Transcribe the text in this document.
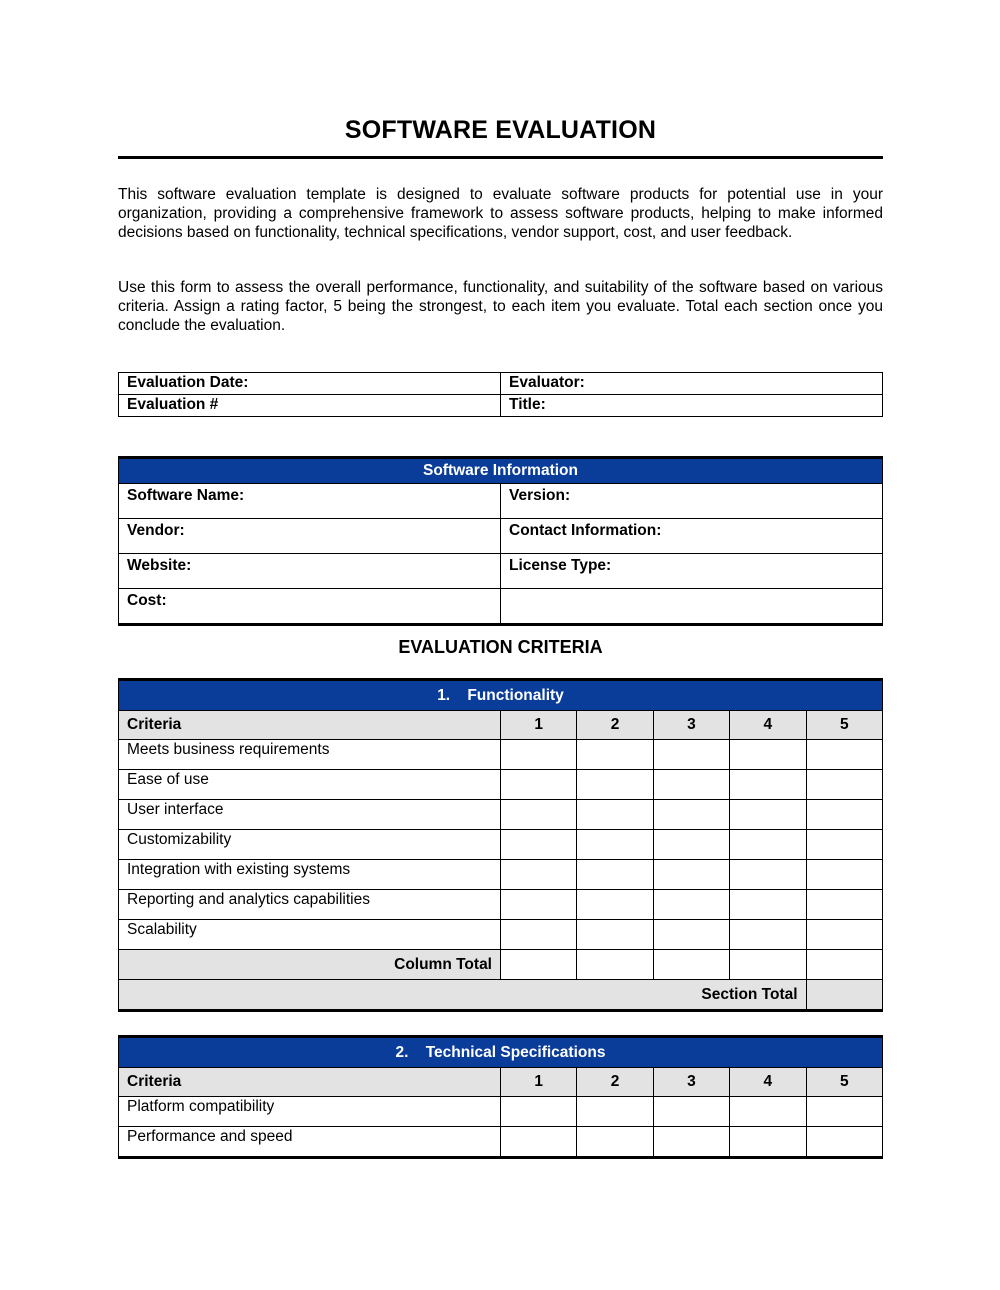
SOFTWARE EVALUATION

This software evaluation template is designed to evaluate software products for potential use in your organization, providing a comprehensive framework to assess software products, helping to make informed decisions based on functionality, technical specifications, vendor support, cost, and user feedback.

Use this form to assess the overall performance, functionality, and suitability of the software based on various criteria. Assign a rating factor, 5 being the strongest, to each item you evaluate. Total each section once you conclude the evaluation.

Evaluation Date:	Evaluator:
Evaluation #	Title:
Software Information	
Software Name:	Version:
Vendor:	Contact Information:
Website:	License Type:
Cost:	
EVALUATION CRITERIA
1.    Functionality					
Criteria	1	2	3	4	5
Meets business requirements					
Ease of use					
User interface					
Customizability					
Integration with existing systems					
Reporting and analytics capabilities					
Scalability					
Column Total					
Section Total					
2.    Technical Specifications					
Criteria	1	2	3	4	5
Platform compatibility					
Performance and speed					
